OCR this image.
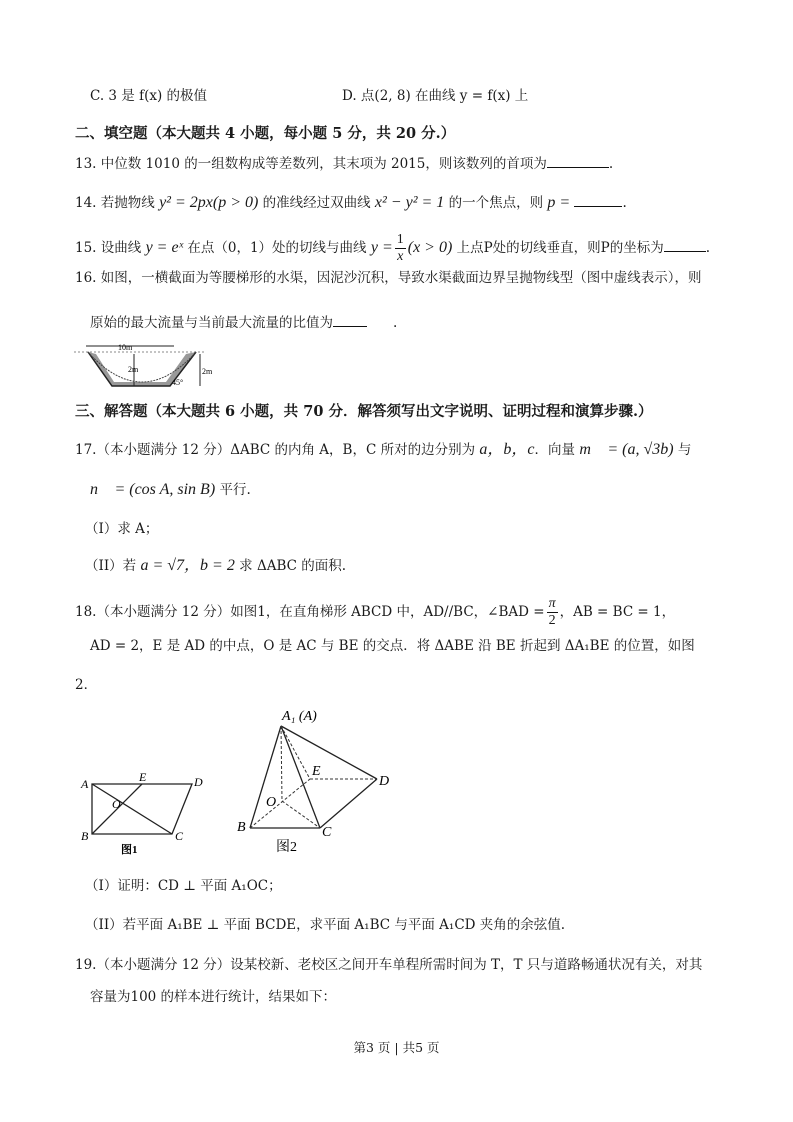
C. 3 是 f(x) 的极值	D. 点(2, 8) 在曲线 y = f(x) 上
二、填空题（本大题共 4 小题，每小题 5 分，共 20 分.）
13. 中位数 1010 的一组数构成等差数列，其末项为 2015，则该数列的首项为	.
14. 若抛物线 y² = 2px(p > 0) 的准线经过双曲线 x² − y² = 1 的一个焦点，则 p =	.
15. 设曲线 y = eˣ 在点（0，1）处的切线与曲线 $y = \frac{1}{x} (x > 0)$ 上点P处的切线垂直，则P的坐标为	.
16. 如图，一横截面为等腰梯形的水渠，因泥沙沉积，导致水渠截面边界呈抛物线型（图中虚线表示），则
原始的最大流量与当前最大流量的比值为	.
10m
2m	2m
45°
三、解答题（本大题共 6 小题，共 70 分．解答须写出文字说明、证明过程和演算步骤.）
17.（本小题满分 12 分）ΔABC 的内角 A，B，C 所对的边分别为 a，b，c．向量 m⃗ = (a, √3b) 与
n⃗ = (cos A, sin B) 平行.
（I）求 A；
（II）若 a = √7，b = 2 求 ΔABC 的面积.
18.（本小题满分 12 分）如图1，在直角梯形 ABCD 中，AD//BC，∠BAD = $\frac{\pi}{2}$ ，AB = BC = 1，
AD = 2，E 是 AD 的中点，O 是 AC 与 BE 的交点．将 ΔABE 沿 BE 折起到 ΔA₁BE 的位置，如图
2．
A	E	D
O
B	C
图1
A₁ (A)
E
D
O
B	C
图2
（I）证明：CD ⊥ 平面 A₁OC；
（II）若平面 A₁BE ⊥ 平面 BCDE，求平面 A₁BC 与平面 A₁CD 夹角的余弦值.
19.（本小题满分 12 分）设某校新、老校区之间开车单程所需时间为 T，T 只与道路畅通状况有关，对其
容量为100 的样本进行统计，结果如下：
第3 页 | 共5 页
